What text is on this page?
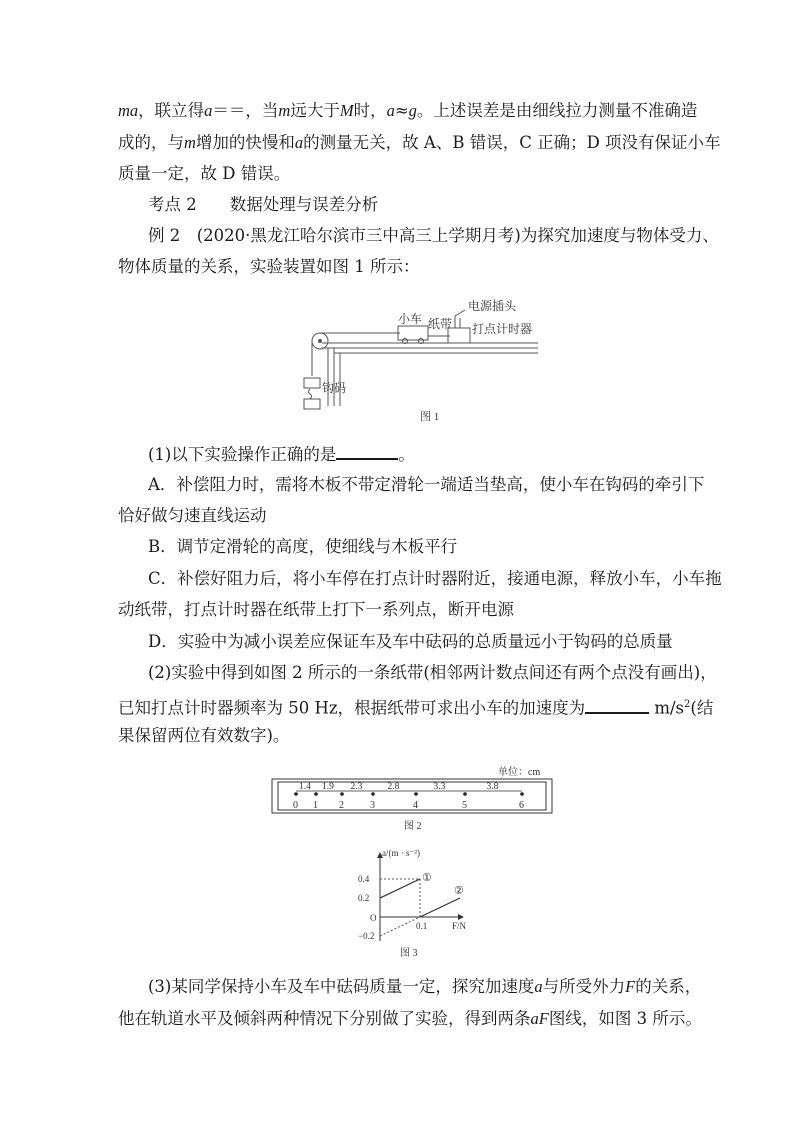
ma，联立得a＝＝，当m远大于M时，a≈g。上述误差是由细线拉力测量不准确造
成的，与m增加的快慢和a的测量无关，故 A、B 错误，C 正确；D 项没有保证小车
质量一定，故 D 错误。
考点 2　　数据处理与误差分析
例 2　(2020·黑龙江哈尔滨市三中高三上学期月考)为探究加速度与物体受力、
物体质量的关系，实验装置如图 1 所示：
小车 纸带
电源插头
打点计时器
钩码
图 1
(1)以下实验操作正确的是	。
A．补偿阻力时，需将木板不带定滑轮一端适当垫高，使小车在钩码的牵引下
恰好做匀速直线运动
B．调节定滑轮的高度，使细线与木板平行
C．补偿好阻力后，将小车停在打点计时器附近，接通电源，释放小车，小车拖
动纸带，打点计时器在纸带上打下一系列点，断开电源
D．实验中为减小误差应保证车及车中砝码的总质量远小于钩码的总质量
(2)实验中得到如图 2 所示的一条纸带(相邻两计数点间还有两个点没有画出)，
已知打点计时器频率为 50 Hz，根据纸带可求出小车的加速度为	$m/s^2$(结
果保留两位有效数字)。
单位：cm
0 1
1.4
2
1.9
3
2.3
4
2.8
5
3.3
6
3.8
图 2
a/(m · s⁻²)
F/N
O
0.4
0.2
−0.2
0.1
①
②
图 3
(3)某同学保持小车及车中砝码质量一定，探究加速度a与所受外力F的关系，
他在轨道水平及倾斜两种情况下分别做了实验，得到两条aF图线，如图 3 所示。
